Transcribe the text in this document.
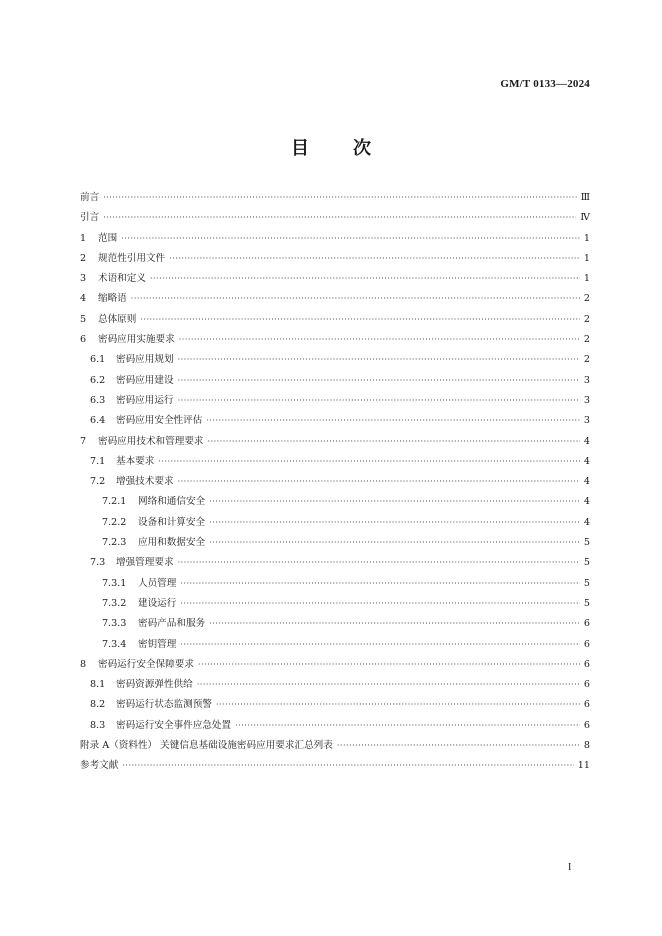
GM/T 0133—2024
目 次
前言 ·····	Ⅲ
引言 ·····	Ⅳ
1	范围 ·····	1
2	规范性引用文件 ·····	1
3	术语和定义 ·····	1
4	缩略语 ·····	2
5	总体原则 ·····	2
6	密码应用实施要求 ·····	2
6.1	密码应用规划 ·····	2
6.2	密码应用建设 ·····	3
6.3	密码应用运行 ·····	3
6.4	密码应用安全性评估 ·····	3
7	密码应用技术和管理要求 ·····	4
7.1	基本要求 ·····	4
7.2	增强技术要求 ·····	4
7.2.1	网络和通信安全 ·····	4
7.2.2	设备和计算安全 ·····	4
7.2.3	应用和数据安全 ·····	5
7.3	增强管理要求 ·····	5
7.3.1	人员管理 ·····	5
7.3.2	建设运行 ·····	5
7.3.3	密码产品和服务 ·····	6
7.3.4	密钥管理 ·····	6
8	密码运行安全保障要求 ·····	6
8.1	密码资源弹性供给 ·····	6
8.2	密码运行状态监测预警 ·····	6
8.3	密码运行安全事件应急处置 ·····	6
附录 A（资料性） 关键信息基础设施密码应用要求汇总列表 ·····	8
参考文献 ·····	11
I
